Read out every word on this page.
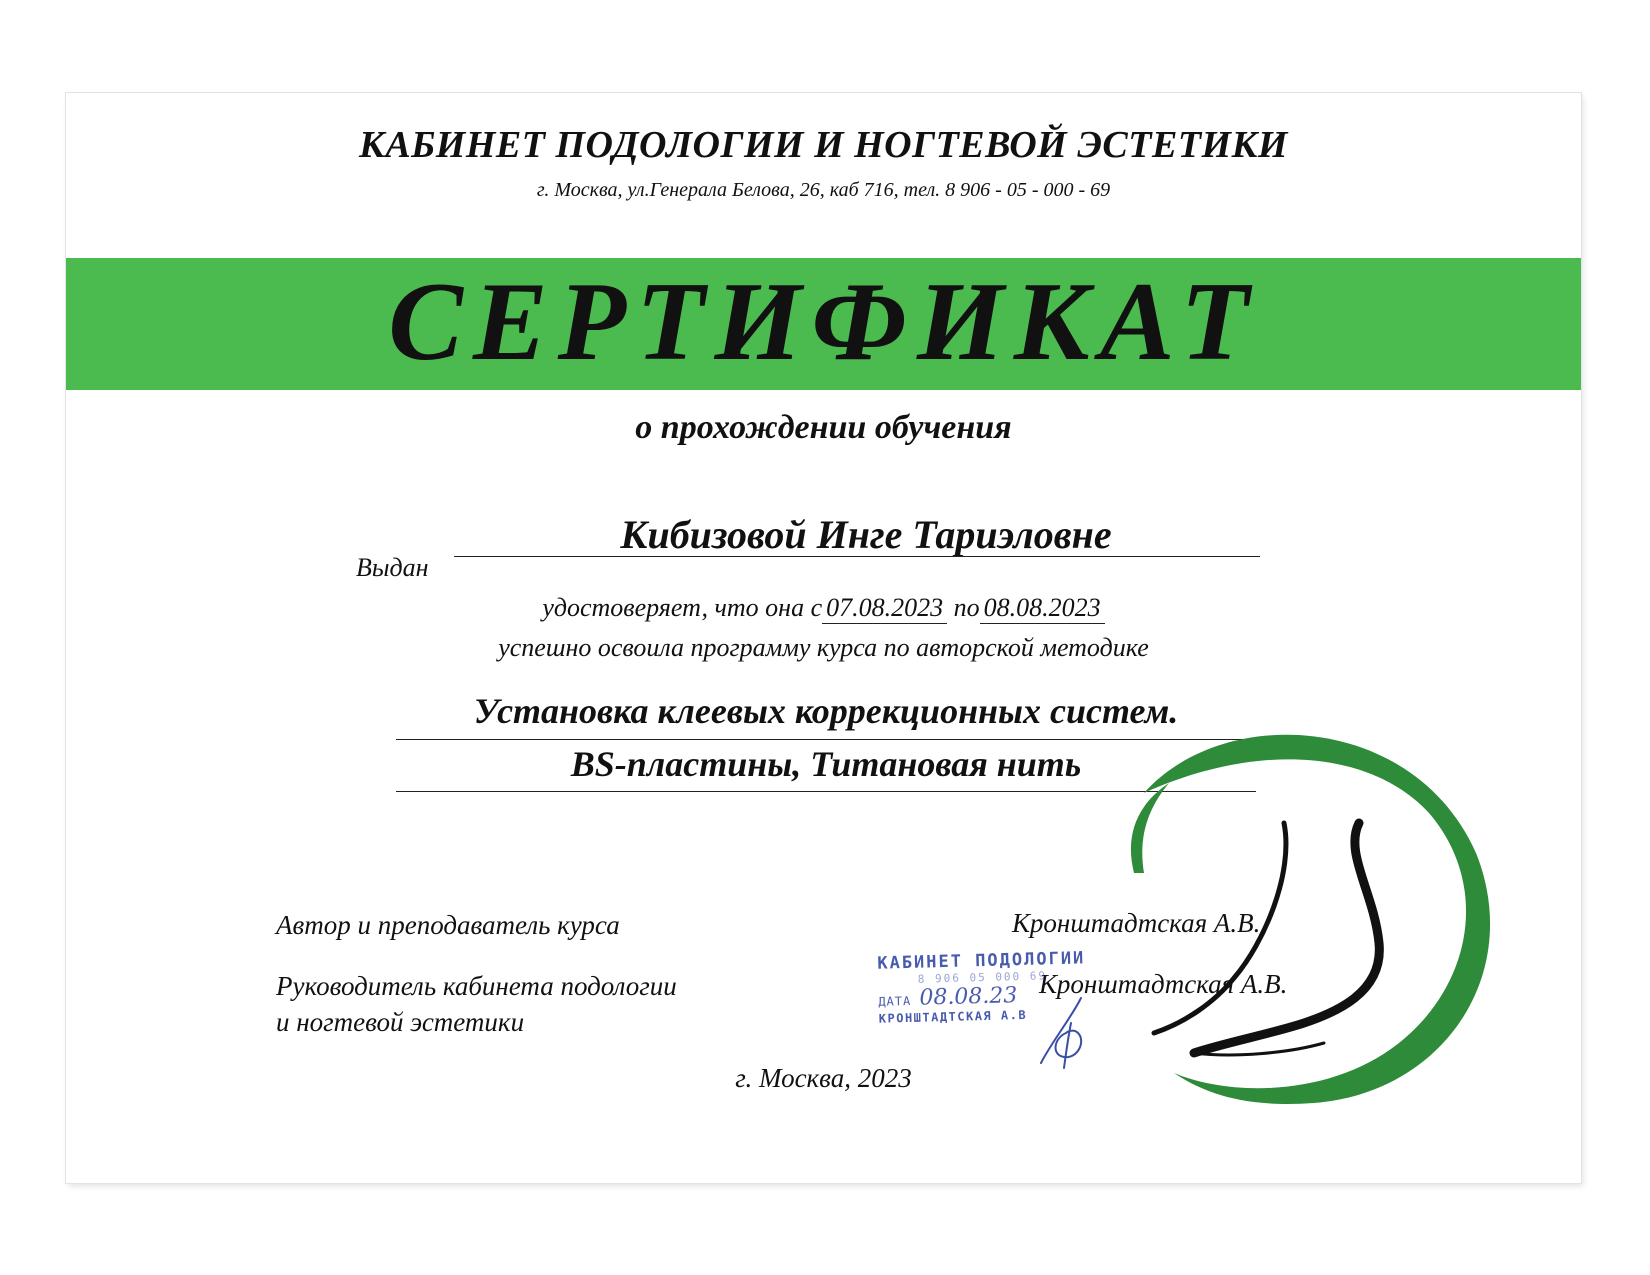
КАБИНЕТ ПОДОЛОГИИ И НОГТЕВОЙ ЭСТЕТИКИ
г. Москва, ул.Генерала Белова, 26, каб 716, тел. 8 906 - 05 - 000 - 69
СЕРТИФИКАТ
о прохождении обучения
Выдан
Кибизовой Инге Тариэловне
удостоверяет, что она с 07.08.2023 по 08.08.2023
успешно освоила программу курса по авторской методике
Установка клеевых коррекционных систем.
BS-пластины, Титановая нить
Автор и преподаватель курса	Кронштадтская А.В.
Руководитель кабинета подологии
и ногтевой эстетики
Кронштадтская А.В.
КАБИНЕТ ПОДОЛОГИИ
8 906 05 000 69
ДАТА 08.08.23
КРОНШТАДТСКАЯ А.В
г. Москва, 2023
